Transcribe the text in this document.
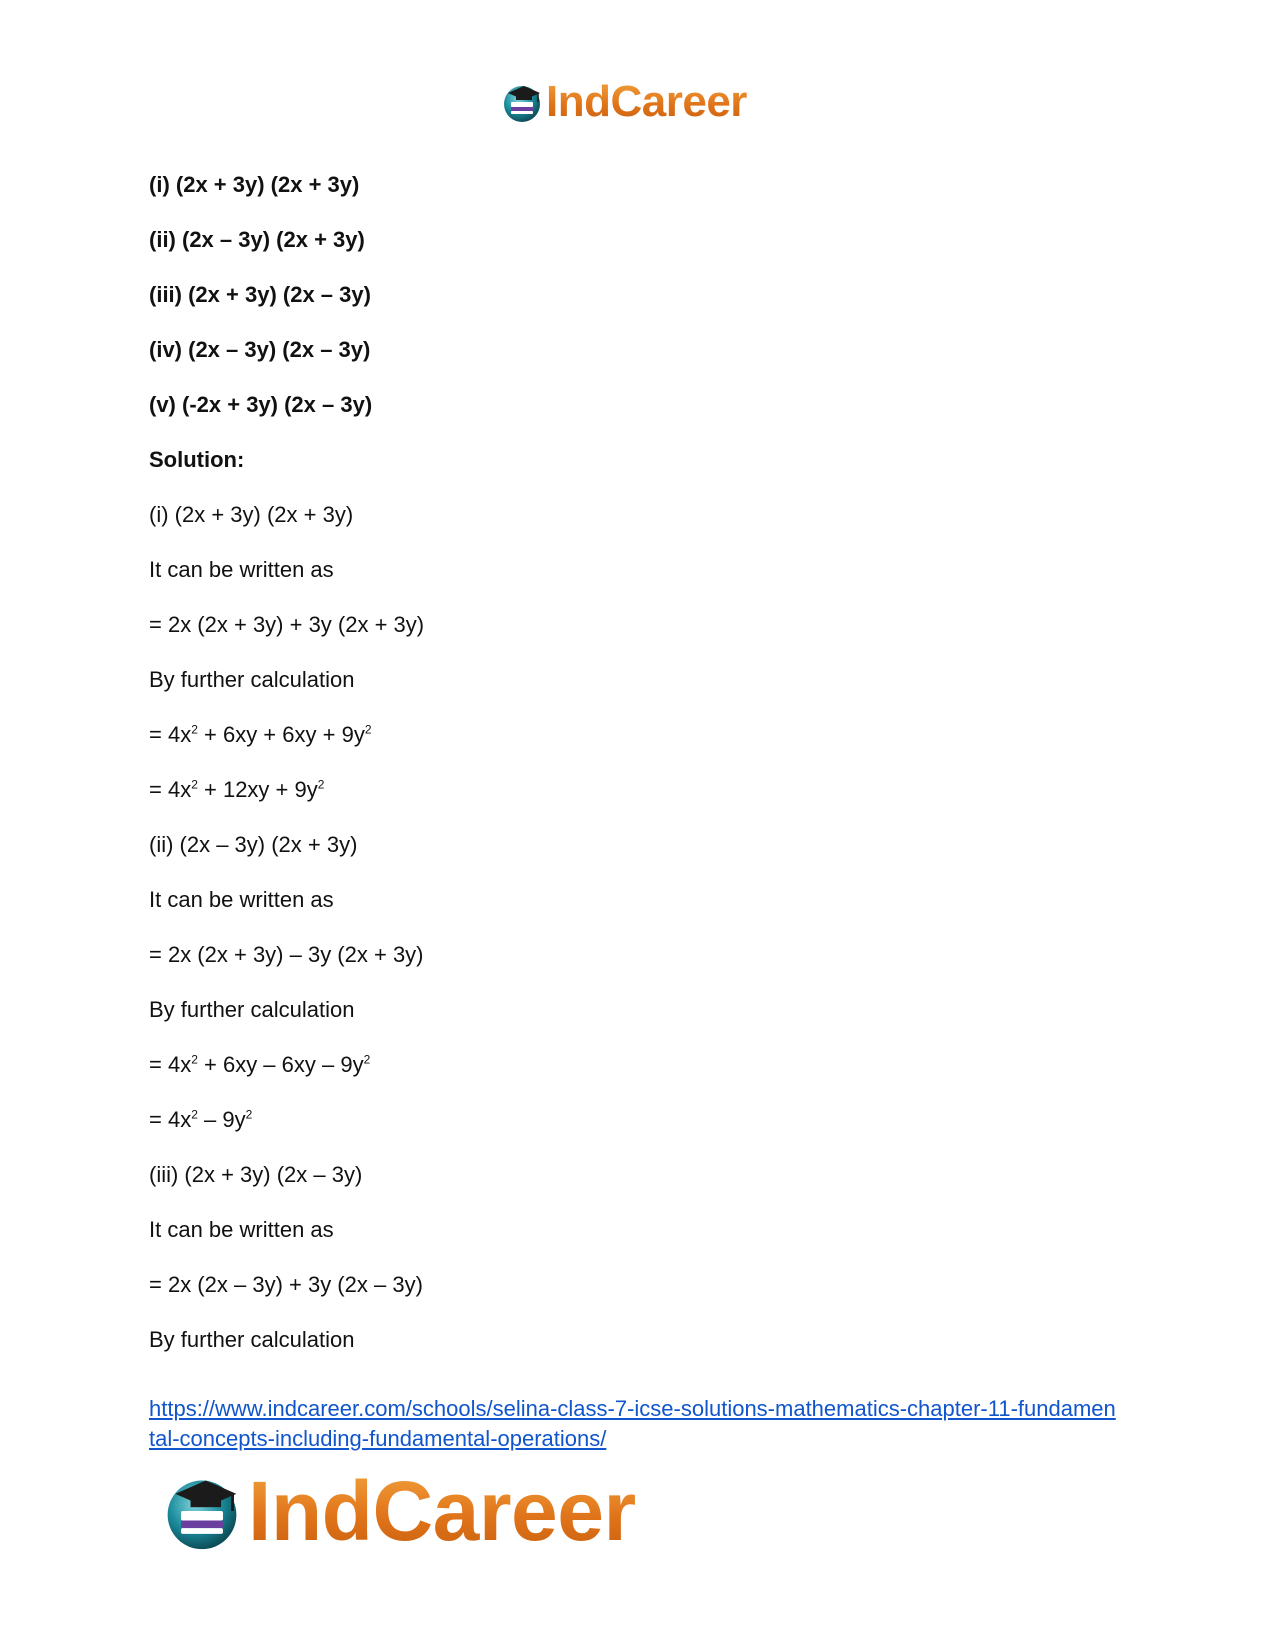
IndCareer
(i) (2x + 3y) (2x + 3y)
(ii) (2x – 3y) (2x + 3y)
(iii) (2x + 3y) (2x – 3y)
(iv) (2x – 3y) (2x – 3y)
(v) (-2x + 3y) (2x – 3y)
Solution:
(i) (2x + 3y) (2x + 3y)
It can be written as
= 2x (2x + 3y) + 3y (2x + 3y)
By further calculation
= $4x^2 + 6xy + 6xy + 9y^2$
= $4x^2 + 12xy + 9y^2$
(ii) (2x – 3y) (2x + 3y)
It can be written as
= 2x (2x + 3y) – 3y (2x + 3y)
By further calculation
= $4x^2 + 6xy - 6xy - 9y^2$
= $4x^2 - 9y^2$
(iii) (2x + 3y) (2x – 3y)
It can be written as
= 2x (2x – 3y) + 3y (2x – 3y)
By further calculation
https://www.indcareer.com/schools/selina-class-7-icse-solutions-mathematics-chapter-11-fundamental-concepts-including-fundamental-operations/
IndCareer
